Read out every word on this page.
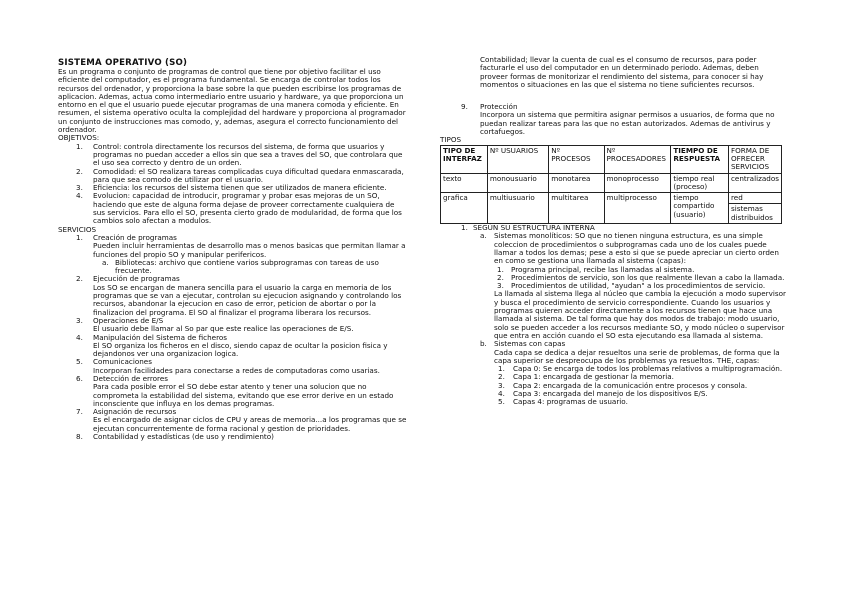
SISTEMA OPERATIVO (SO)

Es un programa o conjunto de programas de control que tiene por objetivo facilitar el uso eficiente del computador, es el programa fundamental. Se encarga de controlar todos los recursos del ordenador, y proporciona la base sobre la que pueden escribirse los programas de aplicacion. Ademas, actua como intermediario entre usuario y hardware, ya que proporciona un entorno en el que el usuario puede ejecutar programas de una manera comoda y eficiente. En resumen, el sistema operativo oculta la complejidad del hardware y proporciona al programador un conjunto de instrucciones mas comodo, y, ademas, asegura el correcto funcionamiento del ordenador.

OBJETIVOS:
1. Control: controla directamente los recursos del sistema, de forma que usuarios y programas no puedan acceder a ellos sin que sea a traves del SO, que controlara que el uso sea correcto y dentro de un orden.
2. Comodidad: el SO realizara tareas complicadas cuya dificultad quedara enmascarada, para que sea comodo de utilizar por el usuario.
3. Eficiencia: los recursos del sistema tienen que ser utilizados de manera eficiente.
4. Evolucion: capacidad de introducir, programar y probar esas mejoras de un SO, haciendo que este de alguna forma dejase de proveer correctamente cualquiera de sus servicios. Para ello el SO, presenta cierto grado de modularidad, de forma que los cambios solo afectan a modulos.
SERVICIOS
1. Creación de programas
Pueden incluir herramientas de desarrollo mas o menos basicas que permitan llamar a funciones del propio SO y manipular perifericos.
a. Bibliotecas: archivo que contiene varios subprogramas con tareas de uso frecuente.
2. Ejecución de programas
Los SO se encargan de manera sencilla para el usuario la carga en memoria de los programas que se van a ejecutar, controlan su ejecucion asignando y controlando los recursos, abandonar la ejecucion en caso de error, peticion de abortar o por la finalizacion del programa. El SO al finalizar el programa liberara los recursos.
3. Operaciones de E/S
El usuario debe llamar al So par que este realice las operaciones de E/S.
4. Manipulación del Sistema de ficheros
El SO organiza los ficheros en el disco, siendo capaz de ocultar la posicion fisica y dejandonos ver una organizacion logica.
5. Comunicaciones
Incorporan facilidades para conectarse a redes de computadoras como usarias.
6. Detección de errores
Para cada posible error el SO debe estar atento y tener una solucion que no comprometa la estabilidad del sistema, evitando que ese error derive en un estado inconsciente que influya en los demas programas.
7. Asignación de recursos
Es el encargado de asignar ciclos de CPU y areas de memoria...a los programas que se ejecutan concurrentemente de forma racional y gestion de prioridades.
8. Contabilidad y estadísticas (de uso y rendimiento)

Contabilidad; llevar la cuenta de cual es el consumo de recursos, para poder facturarle el uso del computador en un determinado periodo. Ademas, deben proveer formas de monitorizar el rendimiento del sistema, para conocer si hay momentos o situaciones en las que el sistema no tiene suficientes recursos.

9. Protección
Incorpora un sistema que permitira asignar permisos a usuarios, de forma que no puedan realizar tareas para las que no estan autorizados. Ademas de antivirus y cortafuegos.
TIPOS
TIPO DE INTERFAZ	Nº USUARIOS	Nº PROCESOS	Nº PROCESADORES	TIEMPO DE RESPUESTA	FORMA DE OFRECER SERVICIOS
texto	monousuario	monotarea	monoprocesso	tiempo real (proceso)	centralizados
grafica	multiusuario	multitarea	multiprocesso	tiempo compartido (usuario)	red
					sistemas distribuidos
1. SEGÚN SU ESTRUCTURA INTERNA
a. Sistemas monolíticos: SO que no tienen ninguna estructura, es una simple coleccion de procedimientos o subprogramas cada uno de los cuales puede llamar a todos los demas; pese a esto si que se puede apreciar un cierto orden en como se gestiona una llamada al sistema (capas):
1. Programa principal, recibe las llamadas al sistema.
2. Procedimientos de servicio, son los que realmente llevan a cabo la llamada.
3. Procedimientos de utilidad, "ayudan" a los procedimientos de servicio.

La llamada al sistema llega al núcleo que cambia la ejecución a modo supervisor y busca el procedimiento de servicio correspondiente. Cuando los usuarios y programas quieren acceder directamente a los recursos tienen que hace una llamada al sistema. De tal forma que hay dos modos de trabajo: modo usuario, solo se pueden acceder a los recursos mediante SO, y modo núcleo o supervisor que entra en acción cuando el SO esta ejecutando esa llamada al sistema.

b. Sistemas con capas
Cada capa se dedica a dejar resueltos una serie de problemas, de forma que la capa superior se despreocupa de los problemas ya resueltos. THE, capas:
1. Capa 0: Se encarga de todos los problemas relativos a multiprogramación.
2. Capa 1: encargada de gestionar la memoria.
3. Capa 2: encargada de la comunicación entre procesos y consola.
4. Capa 3: encargada del manejo de los dispositivos E/S.
5. Capas 4: programas de usuario.
